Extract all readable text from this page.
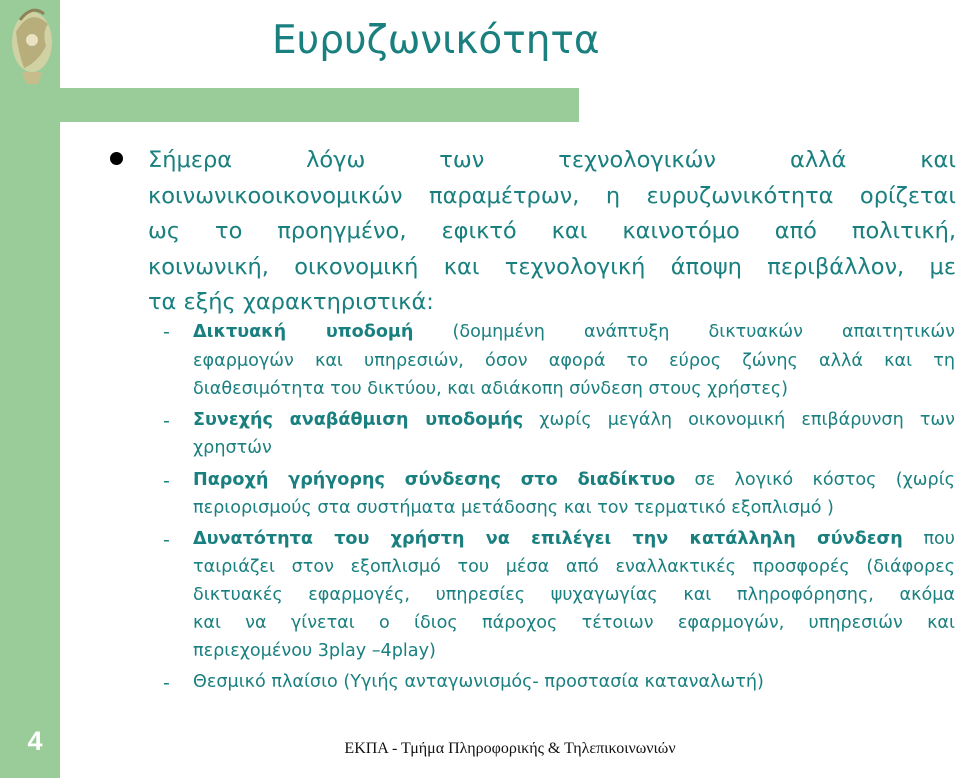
Ευρυζωνικότητα
Σήμερα λόγω των τεχνολογικών αλλά και
κοινωνικοοικονομικών παραμέτρων, η ευρυζωνικότητα ορίζεται
ως το προηγμένο, εφικτό και καινοτόμο από πολιτική,
κοινωνική, οικονομική και τεχνολογική άποψη περιβάλλον, με
τα εξής χαρακτηριστικά:
- Δικτυακή υποδομή (δομημένη ανάπτυξη δικτυακών απαιτητικών
εφαρμογών και υπηρεσιών, όσον αφορά το εύρος ζώνης αλλά και τη
διαθεσιμότητα του δικτύου, και αδιάκοπη σύνδεση στους χρήστες)
- Συνεχής αναβάθμιση υποδομής χωρίς μεγάλη οικονομική επιβάρυνση των
χρηστών
- Παροχή γρήγορης σύνδεσης στο διαδίκτυο σε λογικό κόστος (χωρίς
περιορισμούς στα συστήματα μετάδοσης και τον τερματικό εξοπλισμό )
- Δυνατότητα του χρήστη να επιλέγει την κατάλληλη σύνδεση που
ταιριάζει στον εξοπλισμό του μέσα από εναλλακτικές προσφορές (διάφορες
δικτυακές εφαρμογές, υπηρεσίες ψυχαγωγίας και πληροφόρησης, ακόμα
και να γίνεται ο ίδιος πάροχος τέτοιων εφαρμογών, υπηρεσιών και
περιεχομένου 3play –4play)
- Θεσμικό πλαίσιο (Υγιής ανταγωνισμός- προστασία καταναλωτή)
4	ΕΚΠΑ - Τμήμα Πληροφορικής & Τηλεπικοινωνιών
